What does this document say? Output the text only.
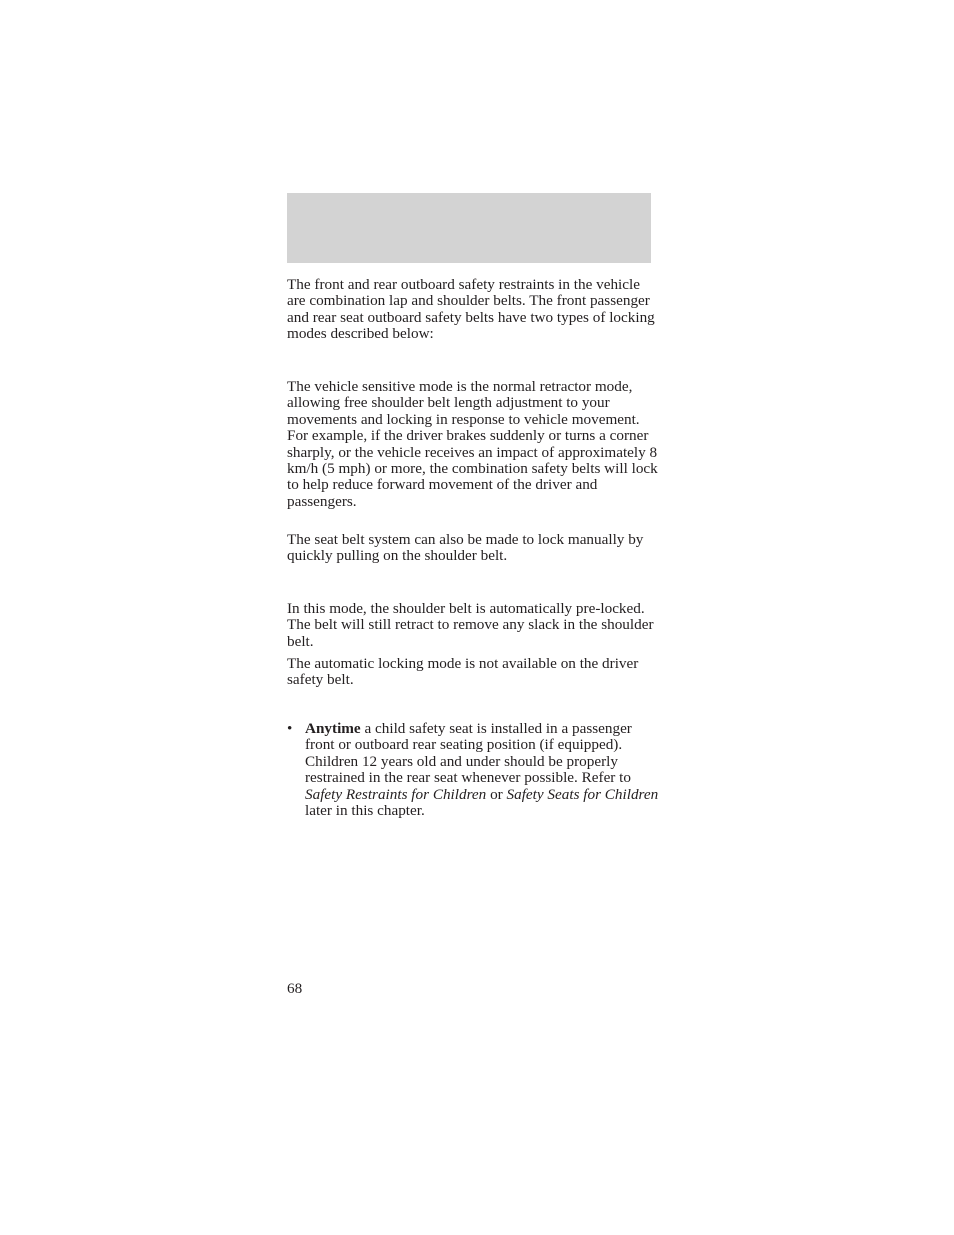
The front and rear outboard safety restraints in the vehicle are combination lap and shoulder belts. The front passenger and rear seat outboard safety belts have two types of locking modes described below:

The vehicle sensitive mode is the normal retractor mode, allowing free shoulder belt length adjustment to your movements and locking in response to vehicle movement. For example, if the driver brakes suddenly or turns a corner sharply, or the vehicle receives an impact of approximately 8 km/h (5 mph) or more, the combination safety belts will lock to help reduce forward movement of the driver and passengers.

The seat belt system can also be made to lock manually by quickly pulling on the shoulder belt.

In this mode, the shoulder belt is automatically pre-locked. The belt will still retract to remove any slack in the shoulder belt.

The automatic locking mode is not available on the driver safety belt.

• Anytime a child safety seat is installed in a passenger front or outboard rear seating position (if equipped). Children 12 years old and under should be properly restrained in the rear seat whenever possible. Refer to Safety Restraints for Children or Safety Seats for Children later in this chapter.
68
